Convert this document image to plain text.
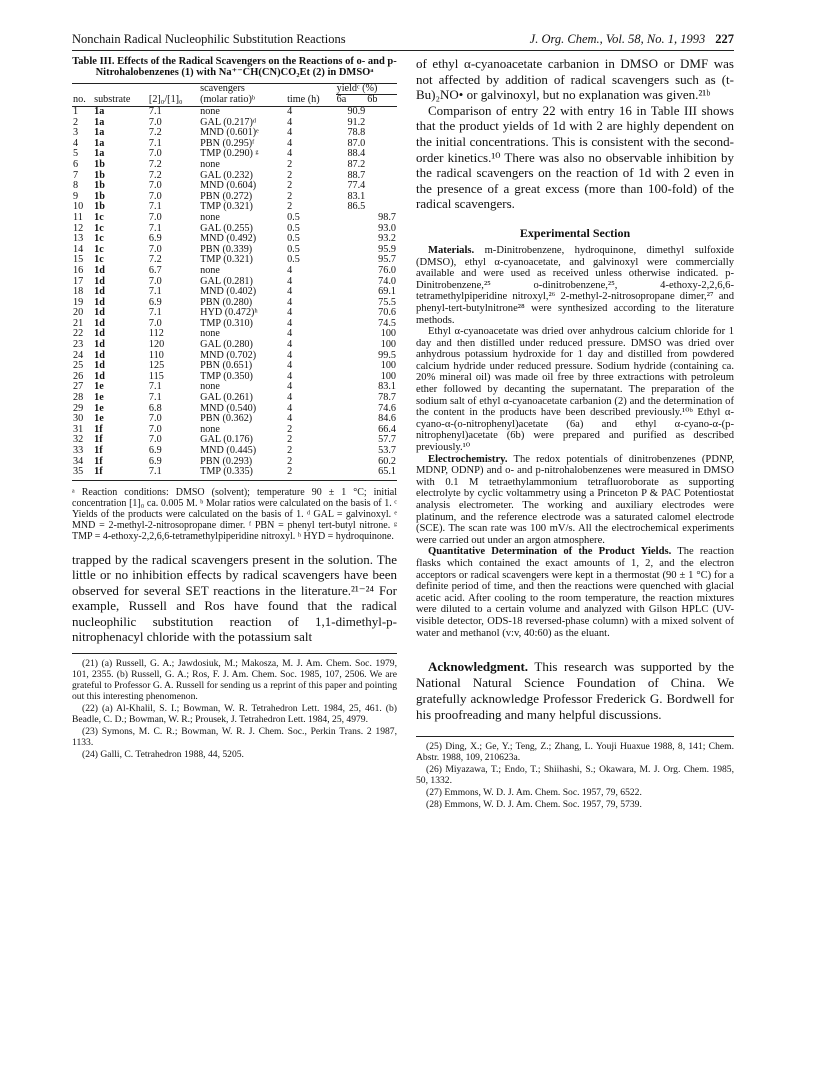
Nonchain Radical Nucleophilic Substitution Reactions	J. Org. Chem., Vol. 58, No. 1, 1993 227
Table III. Effects of the Radical Scavengers on the Reactions of o- and p-Nitrohalobenzenes (1) with Na⁺⁻CH(CN)CO₂Et (2) in DMSOᵃ
no.	substrate	[2]₀/[1]₀	scavengers	time (h)	yieldᶜ (%)	
			(molar ratio)ᵇ		6a	6b
1	1a	7.1	none	4	90.9	
2	1a	7.0	GAL (0.217)ᵈ	4	91.2	
3	1a	7.2	MND (0.601)ᵉ	4	78.8	
4	1a	7.1	PBN (0.295)ᶠ	4	87.0	
5	1a	7.0	TMP (0.290) ᵍ	4	88.4	
6	1b	7.2	none	2	87.2	
7	1b	7.2	GAL (0.232)	2	88.7	
8	1b	7.0	MND (0.604)	2	77.4	
9	1b	7.0	PBN (0.272)	2	83.1	
10	1b	7.1	TMP (0.321)	2	86.5	
11	1c	7.0	none	0.5		98.7
12	1c	7.1	GAL (0.255)	0.5		93.0
13	1c	6.9	MND (0.492)	0.5		93.2
14	1c	7.0	PBN (0.339)	0.5		95.9
15	1c	7.2	TMP (0.321)	0.5		95.7
16	1d	6.7	none	4		76.0
17	1d	7.0	GAL (0.281)	4		74.0
18	1d	7.1	MND (0.402)	4		69.1
19	1d	6.9	PBN (0.280)	4		75.5
20	1d	7.1	HYD (0.472)ʰ	4		70.6
21	1d	7.0	TMP (0.310)	4		74.5
22	1d	112	none	4		100
23	1d	120	GAL (0.280)	4		100
24	1d	110	MND (0.702)	4		99.5
25	1d	125	PBN (0.651)	4		100
26	1d	115	TMP (0.350)	4		100
27	1e	7.1	none	4		83.1
28	1e	7.1	GAL (0.261)	4		78.7
29	1e	6.8	MND (0.540)	4		74.6
30	1e	7.0	PBN (0.362)	4		84.6
31	1f	7.0	none	2		66.4
32	1f	7.0	GAL (0.176)	2		57.7
33	1f	6.9	MND (0.445)	2		53.7
34	1f	6.9	PBN (0.293)	2		60.2
35	1f	7.1	TMP (0.335)	2		65.1
ᵃ Reaction conditions: DMSO (solvent); temperature 90 ± 1 °C; initial concentration [1]₀ ca. 0.005 M. ᵇ Molar ratios were calculated on the basis of 1. ᶜ Yields of the products were calculated on the basis of 1. ᵈ GAL = galvinoxyl. ᵉ MND = 2-methyl-2-nitrosopropane dimer. ᶠ PBN = phenyl tert-butyl nitrone. ᵍ TMP = 4-ethoxy-2,2,6,6-tetramethylpiperidine nitroxyl. ʰ HYD = hydroquinone.

trapped by the radical scavengers present in the solution. The little or no inhibition effects by radical scavengers have been observed for several SET reactions in the literature.²¹⁻²⁴ For example, Russell and Ros have found that the radical nucleophilic substitution reaction of 1,1-dimethyl-p-nitrophenacyl chloride with the potassium salt

(21) (a) Russell, G. A.; Jawdosiuk, M.; Makosza, M. J. Am. Chem. Soc. 1979, 101, 2355. (b) Russell, G. A.; Ros, F. J. Am. Chem. Soc. 1985, 107, 2506. We are grateful to Professor G. A. Russell for sending us a reprint of this paper and pointing out this interesting phenomenon.

(22) (a) Al-Khalil, S. I.; Bowman, W. R. Tetrahedron Lett. 1984, 25, 461. (b) Beadle, C. D.; Bowman, W. R.; Prousek, J. Tetrahedron Lett. 1984, 25, 4979.

(23) Symons, M. C. R.; Bowman, W. R. J. Chem. Soc., Perkin Trans. 2 1987, 1133.

(24) Galli, C. Tetrahedron 1988, 44, 5205.

of ethyl α-cyanoacetate carbanion in DMSO or DMF was not affected by addition of radical scavengers such as (t-Bu)₂NO• or galvinoxyl, but no explanation was given.²¹ᵇ

Comparison of entry 22 with entry 16 in Table III shows that the product yields of 1d with 2 are highly dependent on the initial concentrations. This is consistent with the second-order kinetics.¹⁰ There was also no observable inhibition by the radical scavengers on the reaction of 1d with 2 even in the presence of a great excess (more than 100-fold) of the radical scavengers.

Experimental Section

Materials. m-Dinitrobenzene, hydroquinone, dimethyl sulfoxide (DMSO), ethyl α-cyanoacetate, and galvinoxyl were commercially available and were used as received unless otherwise indicated. p-Dinitrobenzene,²⁵ o-dinitrobenzene,²⁵, 4-ethoxy-2,2,6,6-tetramethylpiperidine nitroxyl,²⁶ 2-methyl-2-nitrosopropane dimer,²⁷ and phenyl-tert-butylnitrone²⁸ were synthesized according to the literature methods.

Ethyl α-cyanoacetate was dried over anhydrous calcium chloride for 1 day and then distilled under reduced pressure. DMSO was dried over anhydrous potassium hydroxide for 1 day and distilled from powdered calcium hydride under reduced pressure. Sodium hydride (containing ca. 20% mineral oil) was made oil free by three extractions with petroleum ether followed by decanting the supernatant. The preparation of the sodium salt of ethyl α-cyanoacetate carbanion (2) and the determination of the content in the products have been described previously.¹⁰ᵇ Ethyl α-cyano-α-(o-nitrophenyl)acetate (6a) and ethyl α-cyano-α-(p-nitrophenyl)acetate (6b) were prepared and purified as described previously.¹⁰

Electrochemistry. The redox potentials of dinitrobenzenes (PDNP, MDNP, ODNP) and o- and p-nitrohalobenzenes were measured in DMSO with 0.1 M tetraethylammonium tetrafluoroborate as supporting electrolyte by cyclic voltammetry using a Princeton P & PAC Potentiostat analysis electrometer. The working and auxiliary electrodes were platinum, and the reference electrode was a saturated calomel electrode (SCE). The scan rate was 100 mV/s. All the electrochemical experiments were carried out under an argon atmosphere.

Quantitative Determination of the Product Yields. The reaction flasks which contained the exact amounts of 1, 2, and the electron acceptors or radical scavengers were kept in a thermostat (90 ± 1 °C) for a definite period of time, and then the reactions were quenched with glacial acetic acid. After cooling to the room temperature, the reaction mixtures were diluted to a certain volume and analyzed with Gilson HPLC (UV-visible detector, ODS-18 reversed-phase column) with a mixed solvent of water and methanol (v:v, 40:60) as the eluant.

Acknowledgment. This research was supported by the National Natural Science Foundation of China. We gratefully acknowledge Professor Frederick G. Bordwell for his proofreading and many helpful discussions.

(25) Ding, X.; Ge, Y.; Teng, Z.; Zhang, L. Youji Huaxue 1988, 8, 141; Chem. Abstr. 1988, 109, 210623a.

(26) Miyazawa, T.; Endo, T.; Shiihashi, S.; Okawara, M. J. Org. Chem. 1985, 50, 1332.

(27) Emmons, W. D. J. Am. Chem. Soc. 1957, 79, 6522.

(28) Emmons, W. D. J. Am. Chem. Soc. 1957, 79, 5739.
